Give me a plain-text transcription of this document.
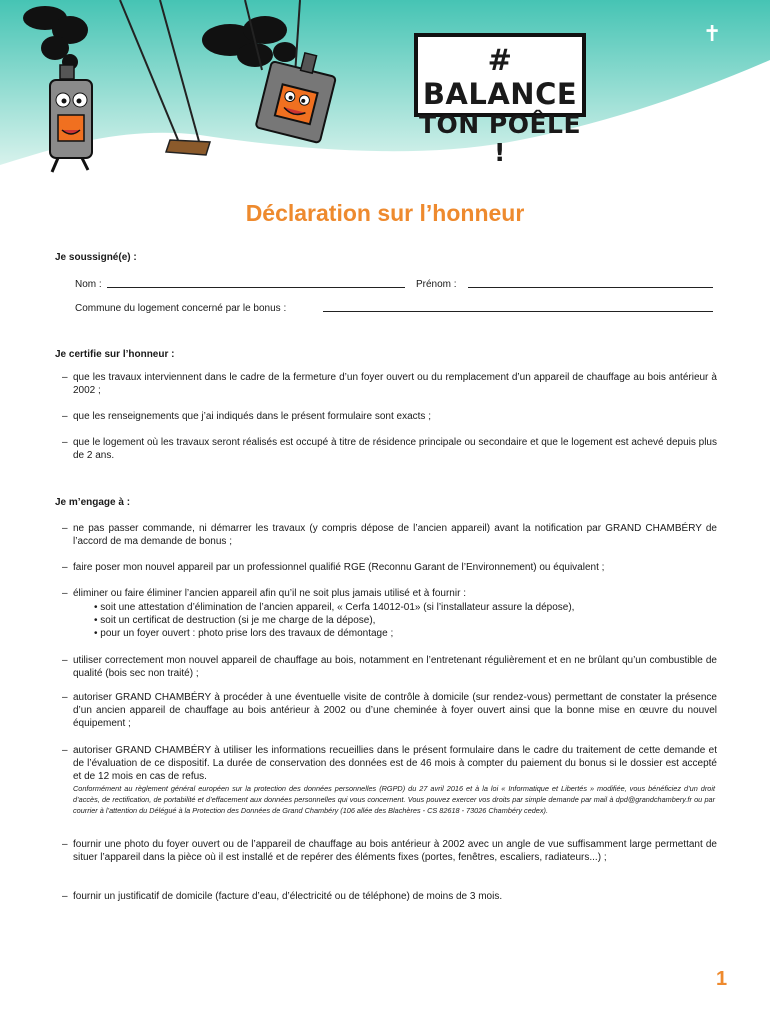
# BALANCE
TON POÊLE !
✝
Déclaration sur l’honneur
Je soussigné(e) :
Nom :	Prénom :
Commune du logement concerné par le bonus :
Je certifie sur l’honneur :
– que les travaux interviennent dans le cadre de la fermeture d’un foyer ouvert ou du remplacement d’un appareil de chauffage au bois antérieur à 2002 ;
– que les renseignements que j’ai indiqués dans le présent formulaire sont exacts ;
– que le logement où les travaux seront réalisés est occupé à titre de résidence principale ou secondaire et que le logement est achevé depuis plus de 2 ans.
Je m’engage à :
– ne pas passer commande, ni démarrer les travaux (y compris dépose de l’ancien appareil) avant la notification par GRAND CHAMBÉRY de l’accord de ma demande de bonus ;
– faire poser mon nouvel appareil par un professionnel qualifié RGE (Reconnu Garant de l’Environnement) ou équivalent ;
– éliminer ou faire éliminer l’ancien appareil afin qu’il ne soit plus jamais utilisé et à fournir :
• soit une attestation d’élimination de l’ancien appareil, « Cerfa 14012-01» (si l’installateur assure la dépose),
• soit un certificat de destruction (si je me charge de la dépose),
• pour un foyer ouvert : photo prise lors des travaux de démontage ;
– utiliser correctement mon nouvel appareil de chauffage au bois, notamment en l’entretenant régulièrement et en ne brûlant qu’un combustible de qualité (bois sec non traité) ;
– autoriser GRAND CHAMBÉRY à procéder à une éventuelle visite de contrôle à domicile (sur rendez-vous) permettant de constater la présence d’un ancien appareil de chauffage au bois antérieur à 2002 ou d’une cheminée à foyer ouvert ainsi que la bonne mise en œuvre du nouvel équipement ;
– autoriser GRAND CHAMBÉRY à utiliser les informations recueillies dans le présent formulaire dans le cadre du traitement de cette demande et de l’évaluation de ce dispositif. La durée de conservation des données est de 46 mois à compter du paiement du bonus si le dossier est accepté et de 12 mois en cas de refus.
Conformément au règlement général européen sur la protection des données personnelles (RGPD) du 27 avril 2016 et à la loi « Informatique et Libertés » modifiée, vous bénéficiez d’un droit d’accès, de rectification, de portabilité et d’effacement aux données personnelles qui vous concernent. Vous pouvez exercer vos droits par simple demande par mail à dpd@grandchambery.fr ou par courrier à l’attention du Délégué à la Protection des Données de Grand Chambéry (106 allée des Blachères - CS 82618 - 73026 Chambéry cedex).
– fournir une photo du foyer ouvert ou de l’appareil de chauffage au bois antérieur à 2002 avec un angle de vue suffisamment large permettant de situer l’appareil dans la pièce où il est installé et de repérer des éléments fixes (portes, fenêtres, escaliers, radiateurs...) ;
– fournir un justificatif de domicile (facture d’eau, d’électricité ou de téléphone) de moins de 3 mois.
1
